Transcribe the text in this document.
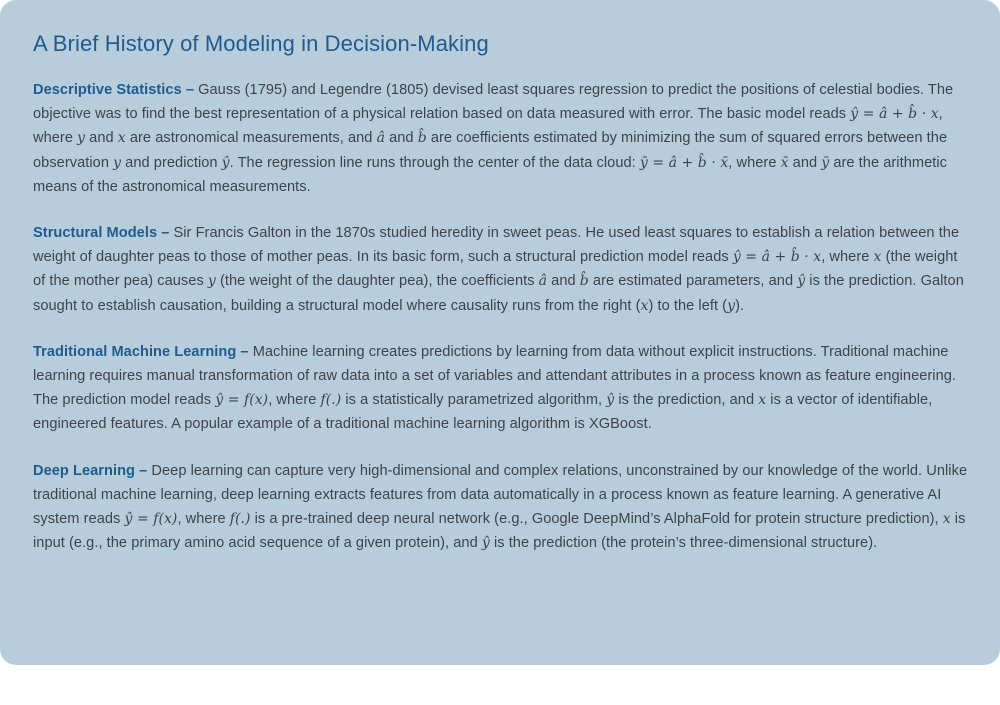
A Brief History of Modeling in Decision-Making

Descriptive Statistics – Gauss (1795) and Legendre (1805) devised least squares regression to predict the positions of celestial bodies. The objective was to find the best representation of a physical relation based on data measured with error. The basic model reads ŷ = â + b̂ · x, where y and x are astronomical measurements, and â and b̂ are coefficients estimated by minimizing the sum of squared errors between the observation y and prediction ŷ. The regression line runs through the center of the data cloud: ȳ = â + b̂ · x̄, where x̄ and ȳ are the arithmetic means of the astronomical measurements.

Structural Models – Sir Francis Galton in the 1870s studied heredity in sweet peas. He used least squares to establish a relation between the weight of daughter peas to those of mother peas. In its basic form, such a structural prediction model reads ŷ = â + b̂ · x, where x (the weight of the mother pea) causes y (the weight of the daughter pea), the coefficients â and b̂ are estimated parameters, and ŷ is the prediction. Galton sought to establish causation, building a structural model where causality runs from the right (x) to the left (y).

Traditional Machine Learning – Machine learning creates predictions by learning from data without explicit instructions. Traditional machine learning requires manual transformation of raw data into a set of variables and attendant attributes in a process known as feature engineering. The prediction model reads ŷ = f(x), where f(.) is a statistically parametrized algorithm, ŷ is the prediction, and x is a vector of identifiable, engineered features. A popular example of a traditional machine learning algorithm is XGBoost.

Deep Learning – Deep learning can capture very high-dimensional and complex relations, unconstrained by our knowledge of the world. Unlike traditional machine learning, deep learning extracts features from data automatically in a process known as feature learning. A generative AI system reads ŷ = f(x), where f(.) is a pre-trained deep neural network (e.g., Google DeepMind’s AlphaFold for protein structure prediction), x is input (e.g., the primary amino acid sequence of a given protein), and ŷ is the prediction (the protein’s three-dimensional structure).
